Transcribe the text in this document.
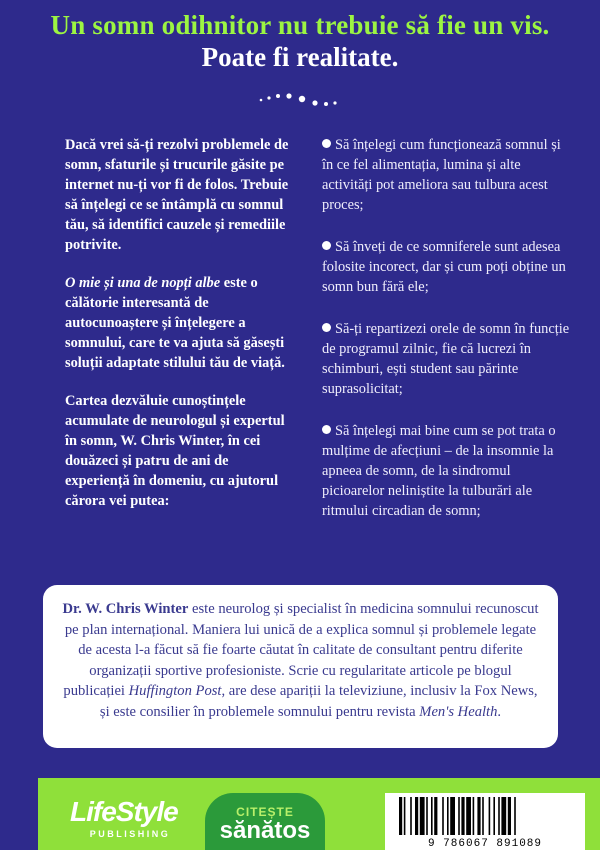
Un somn odihnitor nu trebuie să fie un vis.
Poate fi realitate.

Dacă vrei să-ți rezolvi problemele de somn, sfaturile și trucurile găsite pe internet nu-ți vor fi de folos. Trebuie să înțelegi ce se întâmplă cu somnul tău, să identifici cauzele și remediile potrivite.

O mie și una de nopți albe este o călătorie interesantă de autocunoaștere și înțelegere a somnului, care te va ajuta să găsești soluții adaptate stilului tău de viață.

Cartea dezvăluie cunoștințele acumulate de neurologul și expertul în somn, W. Chris Winter, în cei douăzeci și patru de ani de experiență în domeniu, cu ajutorul cărora vei putea:

Să înțelegi cum funcționează somnul și în ce fel alimentația, lumina și alte activități pot ameliora sau tulbura acest proces;
Să înveți de ce somniferele sunt adesea folosite incorect, dar și cum poți obține un somn bun fără ele;
Să-ți repartizezi orele de somn în funcție de programul zilnic, fie că lucrezi în schimburi, ești student sau părinte suprasolicitat;
Să înțelegi mai bine cum se pot trata o mulțime de afecțiuni – de la insomnie la apneea de somn, de la sindromul picioarelor neliniștite la tulburări ale ritmului circadian de somn;
Dr. W. Chris Winter este neurolog și specialist în medicina somnului recunoscut pe plan internațional. Maniera lui unică de a explica somnul și problemele legate de acesta l-a făcut să fie foarte căutat în calitate de consultant pentru diferite organizații sportive profesioniste. Scrie cu regularitate articole pe blogul publicației Huffington Post, are dese apariții la televiziune, inclusiv la Fox News, și este consilier în problemele somnului pentru revista Men's Health.
LifeStyle
PUBLISHING
CITEȘTE
sănătos	9 786067 891089
